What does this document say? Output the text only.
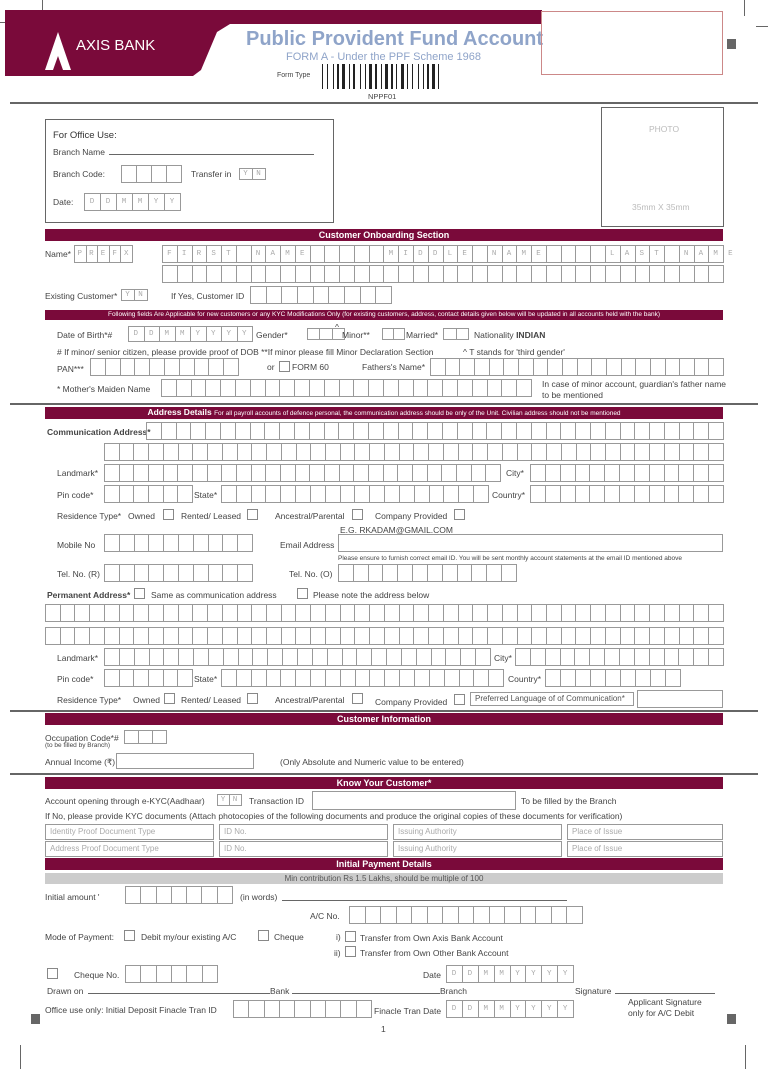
AXIS BANK	Public Provident Fund Account
FORM A - Under the PPF Scheme 1968
Form Type
NPPF01
For Office Use:
Branch Name
Branch Code:	Transfer in YN
Date: DDMMYY
PHOTO
35mm X 35mm
Customer Onboarding Section
Name* PREFX	FIRST NAME	MIDDLE NAME	LAST NAME
Existing Customer* YN If Yes, Customer ID
Following fields Are Applicable for new customers or any KYC Modifications Only (for existing customers, address, contact details given below will be updated in all accounts held with the bank)
Date of Birth*#	DDMMYYYY
Gender*
^
Minor**	Married*	Nationality INDIAN
# If minor/ senior citizen, please provide proof of DOB **If minor please fill Minor Declaration Section	^ T stands for 'third gender'
PAN***	or FORM 60	Fathers's Name*
* Mother's Maiden Name	In case of minor account, guardian's father name
to be mentioned
Address Details For all payroll accounts of defence personal, the communication address should be only of the Unit. Civilian address should not be mentioned
Communication Address*
Landmark*	City*
Pin code*	State*	Country*
Residence Type* Owned	Rented/ Leased	Ancestral/Parental	Company Provided
Mobile No	Email Address
E.G. RKADAM@GMAIL.COM
Please ensure to furnish correct email ID. You will be sent monthly account statements at the email ID mentioned above
Tel. No. (R)	Tel. No. (O)
Permanent Address* Same as communication address	Please note the address below
Landmark*	City*
Pin code*	State*	Country*
Residence Type* Owned Rented/ Leased	Ancestral/Parental	Company Provided	Preferred Language of of Communication*
Customer Information
Occupation Code*#
(to be filled by Branch)
Annual Income (₹)	(Only Absolute and Numeric value to be entered)
Know Your Customer*
Account opening through e-KYC(Aadhaar) YN Transaction ID	To be filled by the Branch
If No, please provide KYC documents (Attach photocopies of the following documents and produce the original copies of these documents for verification)
Identity Proof Document Type	ID No.	Issuing Authority	Place of Issue
Address Proof Document Type	ID No.	Issuing Authority	Place of Issue
Initial Payment Details
Min contribution Rs 1.5 Lakhs, should be multiple of 100
Initial amount '	(in words)
A/C No.
Mode of Payment:	Debit my/our existing A/C	Cheque	i) Transfer from Own Axis Bank Account
ii) Transfer from Own Other Bank Account
Cheque No.	Date DDMMYYYY
Drawn on	Bank	Branch	Signature
Office use only: Initial Deposit Finacle Tran ID	Finacle Tran Date DDMMYYYY
Applicant Signature
only for A/C Debit
1
